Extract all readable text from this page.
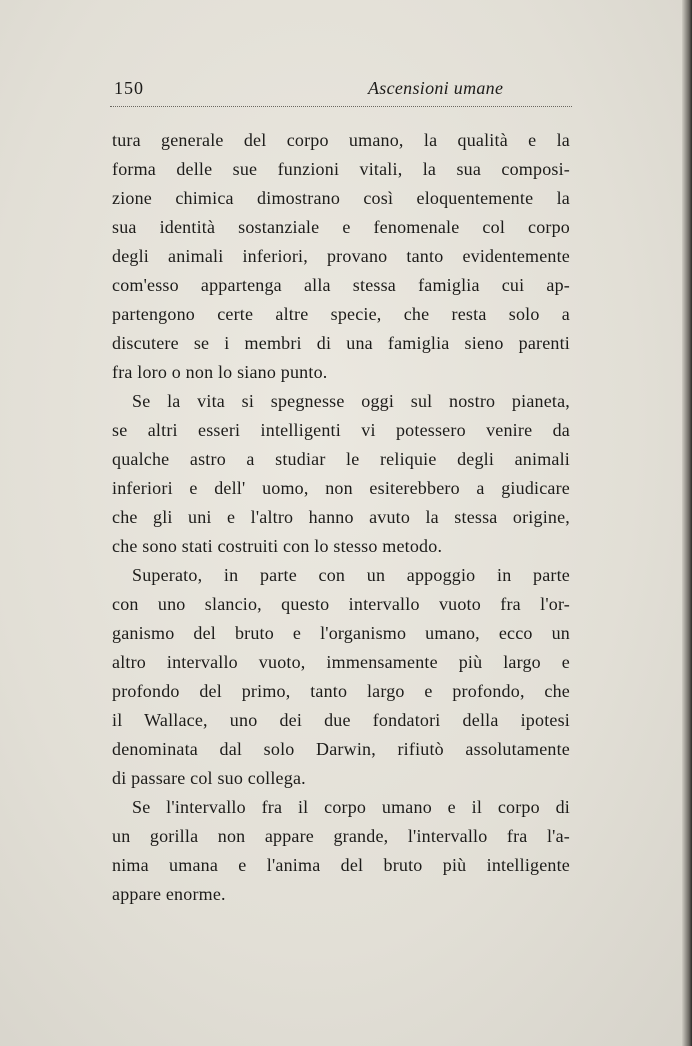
150	Ascensioni umane
tura generale del corpo umano, la qualità e la
forma delle sue funzioni vitali, la sua composi-
zione chimica dimostrano così eloquentemente la
sua identità sostanziale e fenomenale col corpo
degli animali inferiori, provano tanto evidentemente
com'esso appartenga alla stessa famiglia cui ap-
partengono certe altre specie, che resta solo a
discutere se i membri di una famiglia sieno parenti
fra loro o non lo siano punto.
Se la vita si spegnesse oggi sul nostro pianeta,
se altri esseri intelligenti vi potessero venire da
qualche astro a studiar le reliquie degli animali
inferiori e dell' uomo, non esiterebbero a giudicare
che gli uni e l'altro hanno avuto la stessa origine,
che sono stati costruiti con lo stesso metodo.
Superato, in parte con un appoggio in parte
con uno slancio, questo intervallo vuoto fra l'or-
ganismo del bruto e l'organismo umano, ecco un
altro intervallo vuoto, immensamente più largo e
profondo del primo, tanto largo e profondo, che
il Wallace, uno dei due fondatori della ipotesi
denominata dal solo Darwin, rifiutò assolutamente
di passare col suo collega.
Se l'intervallo fra il corpo umano e il corpo di
un gorilla non appare grande, l'intervallo fra l'a-
nima umana e l'anima del bruto più intelligente
appare enorme.
